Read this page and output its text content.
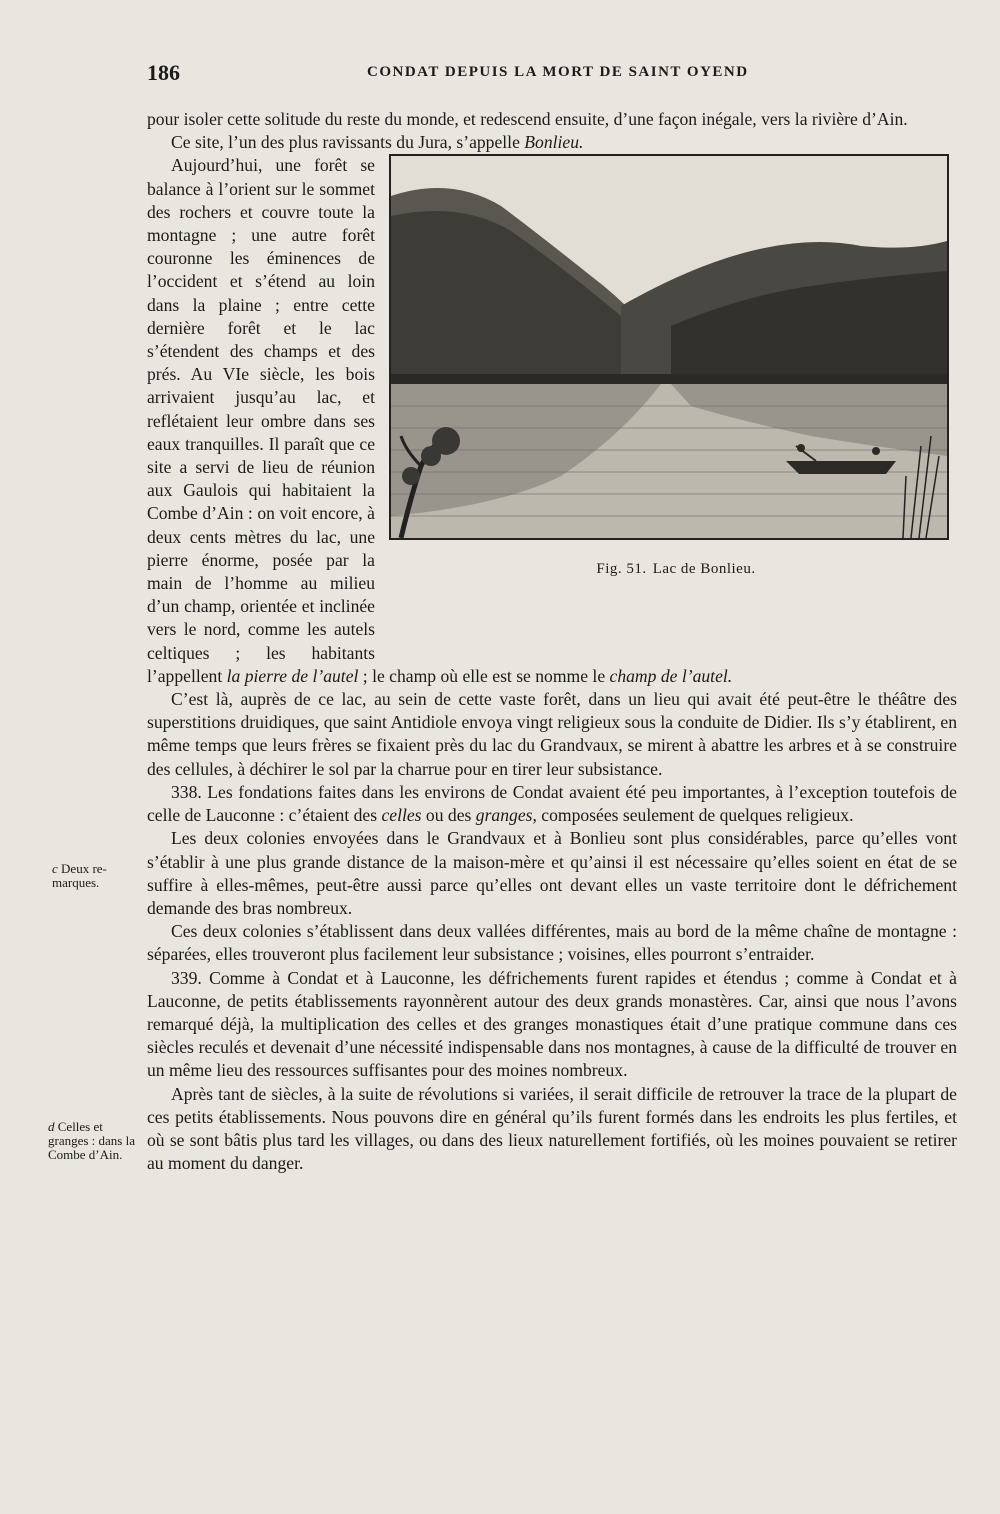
186	CONDAT DEPUIS LA MORT DE SAINT OYEND
c Deux re-marques.
d Celles et granges : dans la Combe d’Ain.

pour isoler cette solitude du reste du monde, et redescend ensuite, d’une façon inégale, vers la rivière d’Ain.

Ce site, l’un des plus ravissants du Jura, s’appelle Bonlieu.

Fig. 51. Lac de Bonlieu.

Aujourd’hui, une forêt se balance à l’orient sur le sommet des rochers et couvre toute la montagne ; une autre forêt couronne les éminences de l’occident et s’étend au loin dans la plaine ; entre cette dernière forêt et le lac s’étendent des champs et des prés. Au VIe siècle, les bois arrivaient jusqu’au lac, et reflétaient leur ombre dans ses eaux tranquilles. Il paraît que ce site a servi de lieu de réunion aux Gaulois qui habitaient la Combe d’Ain : on voit encore, à deux cents mètres du lac, une pierre énorme, posée par la main de l’homme au milieu d’un champ, orientée et inclinée vers le nord, comme les autels celtiques ; les habitants l’appellent la pierre de l’autel ; le champ où elle est se nomme le champ de l’autel.

C’est là, auprès de ce lac, au sein de cette vaste forêt, dans un lieu qui avait été peut-être le théâtre des superstitions druidiques, que saint Antidiole envoya vingt religieux sous la conduite de Didier. Ils s’y établirent, en même temps que leurs frères se fixaient près du lac du Grandvaux, se mirent à abattre les arbres et à se construire des cellules, à déchirer le sol par la charrue pour en tirer leur subsistance.

338. Les fondations faites dans les environs de Condat avaient été peu importantes, à l’exception toutefois de celle de Lauconne : c’étaient des celles ou des granges, composées seulement de quelques religieux.

Les deux colonies envoyées dans le Grandvaux et à Bonlieu sont plus considérables, parce qu’elles vont s’établir à une plus grande distance de la maison-mère et qu’ainsi il est nécessaire qu’elles soient en état de se suffire à elles-mêmes, peut-être aussi parce qu’elles ont devant elles un vaste territoire dont le défrichement demande des bras nombreux.

Ces deux colonies s’établissent dans deux vallées différentes, mais au bord de la même chaîne de montagne : séparées, elles trouveront plus facilement leur subsistance ; voisines, elles pourront s’entraider.

339. Comme à Condat et à Lauconne, les défrichements furent rapides et étendus ; comme à Condat et à Lauconne, de petits établissements rayonnèrent autour des deux grands monastères. Car, ainsi que nous l’avons remarqué déjà, la multiplication des celles et des granges monastiques était d’une pratique commune dans ces siècles reculés et devenait d’une nécessité indispensable dans nos montagnes, à cause de la difficulté de trouver en un même lieu des ressources suffisantes pour des moines nombreux.

Après tant de siècles, à la suite de révolutions si variées, il serait difficile de retrouver la trace de la plupart de ces petits établissements. Nous pouvons dire en général qu’ils furent formés dans les endroits les plus fertiles, et où se sont bâtis plus tard les villages, ou dans des lieux naturellement fortifiés, où les moines pouvaient se retirer au moment du danger.
